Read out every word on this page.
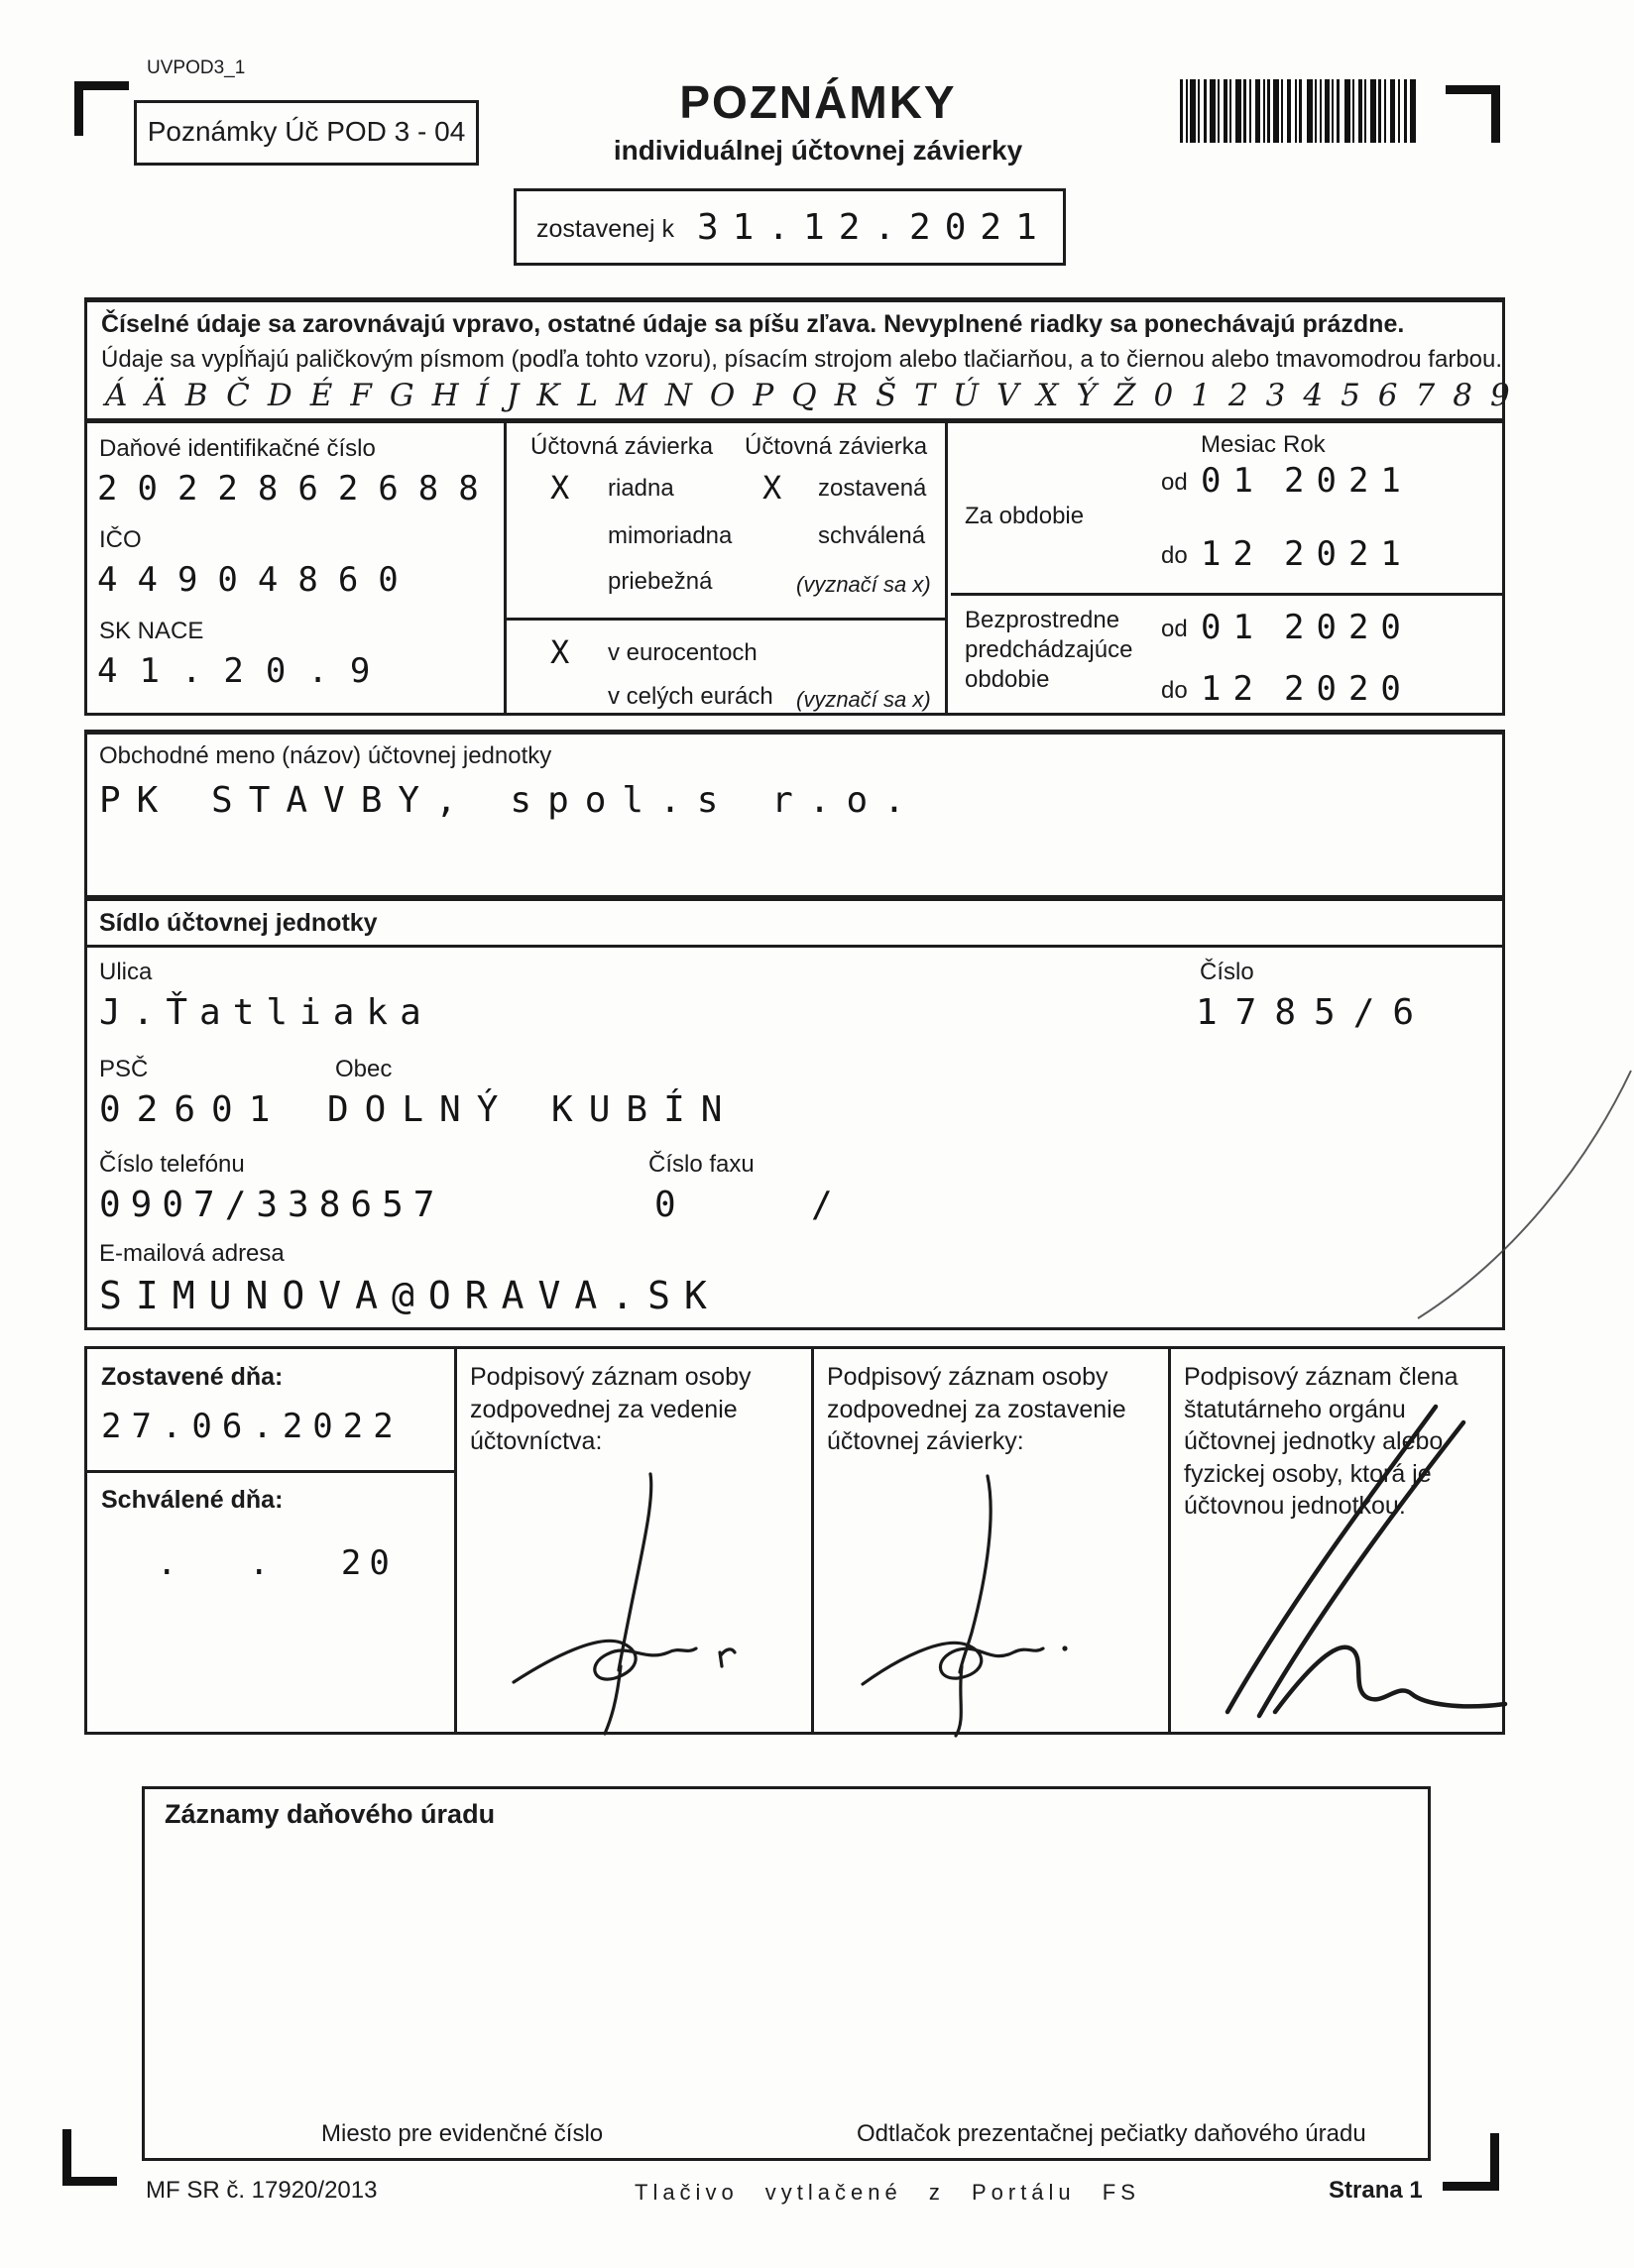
UVPOD3_1
Poznámky Úč POD 3 - 04
POZNÁMKY
individuálnej účtovnej závierky
zostavenej k 31.12.2021
Číselné údaje sa zarovnávajú vpravo, ostatné údaje sa píšu zľava. Nevyplnené riadky sa ponechávajú prázdne.
Údaje sa vypĺňajú paličkovým písmom (podľa tohto vzoru), písacím strojom alebo tlačiarňou, a to čiernou alebo tmavomodrou farbou.
ÁÄBČDÉFGHÍJKLMNOPQRŠTÚVXÝŽ 0123456789
Daňové identifikačné číslo
2022862688
IČO
44904860
SK NACE
41.20.9
Účtovná závierka Účtovná závierka
X riadna	X zostavená
mimoriadna	schválená
priebežná	(vyznačí sa x)
X v eurocentoch
v celých eurách (vyznačí sa x)
Mesiac Rok
od 01 2021
Za obdobie
do 12 2021
Bezprostredne predchádzajúce obdobie
od 01 2020
do 12 2020
Obchodné meno (názov) účtovnej jednotky
PK STAVBY, spol.s r.o.
Sídlo účtovnej jednotky
Ulica	Číslo
J.Ťatliaka	1785/6
PSČ	Obec
02601 DOLNÝ KUBÍN
Číslo telefónu	Číslo faxu
0907/338657	0	/
E-mailová adresa
SIMUNOVA@ORAVA.SK
Zostavené dňa:
27.06.2022
Schválené dňa:
. . 20
Podpisový záznam osoby zodpovednej za vedenie účtovníctva:
Podpisový záznam osoby zodpovednej za zostavenie účtovnej závierky:
Podpisový záznam člena štatutárneho orgánu účtovnej jednotky alebo fyzickej osoby, ktorá je účtovnou jednotkou:
Záznamy daňového úradu
Miesto pre evidenčné číslo	Odtlačok prezentačnej pečiatky daňového úradu
MF SR č. 17920/2013	Tlačivo vytlačené z Portálu FS	Strana 1
